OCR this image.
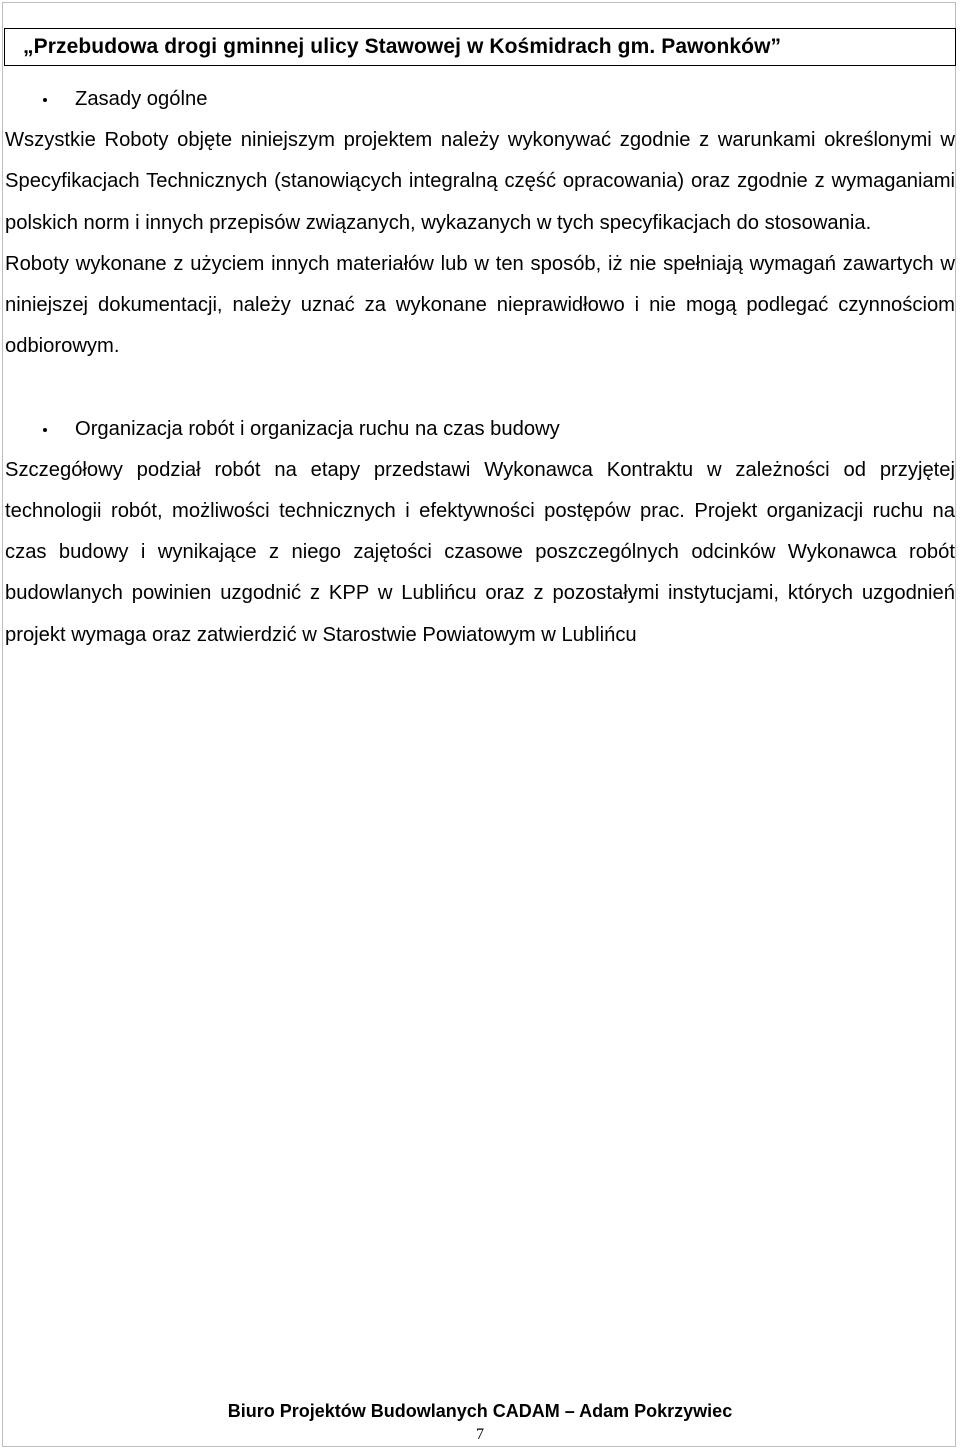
„Przebudowa drogi gminnej ulicy Stawowej w Kośmidrach gm. Pawonków”
Zasady ogólne

Wszystkie Roboty objęte niniejszym projektem należy wykonywać zgodnie z warunkami określonymi w Specyfikacjach Technicznych (stanowiących integralną część opracowania) oraz zgodnie z wymaganiami polskich norm i innych przepisów związanych, wykazanych w tych specyfikacjach do stosowania.

Roboty wykonane z użyciem innych materiałów lub w ten sposób, iż nie spełniają wymagań zawartych w niniejszej dokumentacji, należy uznać za wykonane nieprawidłowo i nie mogą podlegać czynnościom odbiorowym.

Organizacja robót i organizacja ruchu na czas budowy

Szczegółowy podział robót na etapy przedstawi Wykonawca Kontraktu w zależności od przyjętej technologii robót, możliwości technicznych i efektywności postępów prac. Projekt organizacji ruchu na czas budowy i wynikające z niego zajętości czasowe poszczególnych odcinków Wykonawca robót budowlanych powinien uzgodnić z KPP w Lublińcu oraz z pozostałymi instytucjami, których uzgodnień projekt wymaga oraz zatwierdzić w Starostwie Powiatowym w Lublińcu

Biuro Projektów Budowlanych CADAM – Adam Pokrzywiec
7
